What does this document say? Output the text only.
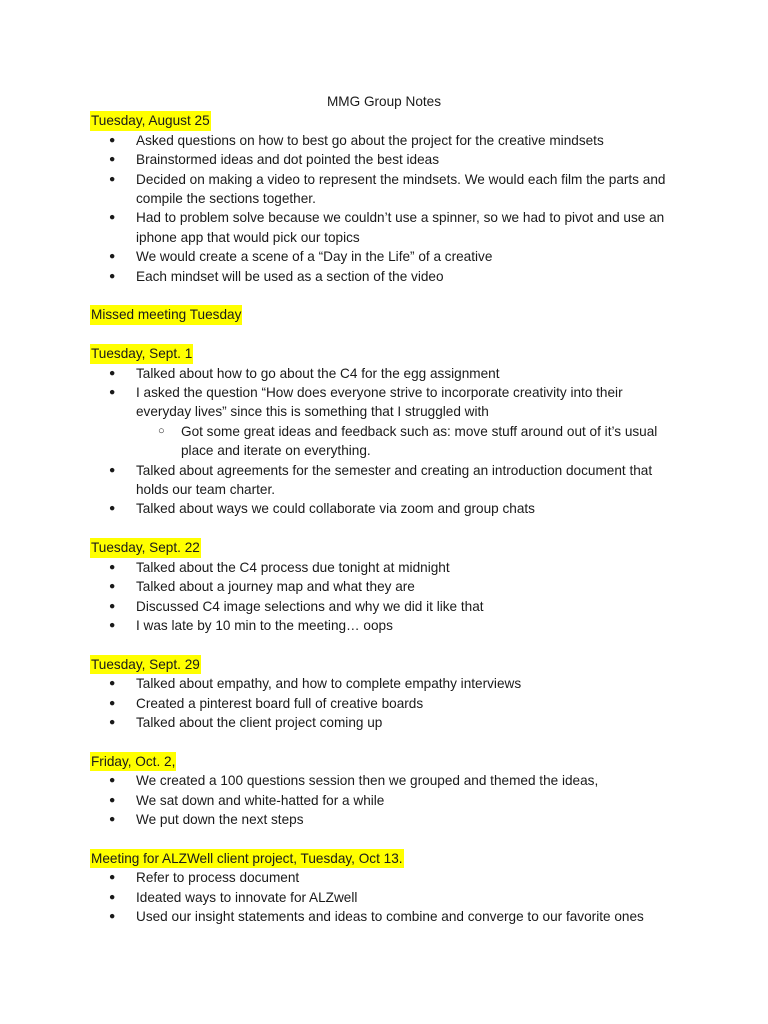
MMG Group Notes
Tuesday, August 25
● Asked questions on how to best go about the project for the creative mindsets
● Brainstormed ideas and dot pointed the best ideas
● Decided on making a video to represent the mindsets. We would each film the parts and compile the sections together.
● Had to problem solve because we couldn’t use a spinner, so we had to pivot and use an iphone app that would pick our topics
● We would create a scene of a “Day in the Life” of a creative
● Each mindset will be used as a section of the video
Missed meeting Tuesday
Tuesday, Sept. 1
● Talked about how to go about the C4 for the egg assignment
● I asked the question “How does everyone strive to incorporate creativity into their everyday lives” since this is something that I struggled with
○ Got some great ideas and feedback such as: move stuff around out of it’s usual place and iterate on everything.
● Talked about agreements for the semester and creating an introduction document that holds our team charter.
● Talked about ways we could collaborate via zoom and group chats
Tuesday, Sept. 22
● Talked about the C4 process due tonight at midnight
● Talked about a journey map and what they are
● Discussed C4 image selections and why we did it like that
● I was late by 10 min to the meeting… oops
Tuesday, Sept. 29
● Talked about empathy, and how to complete empathy interviews
● Created a pinterest board full of creative boards
● Talked about the client project coming up
Friday, Oct. 2,
● We created a 100 questions session then we grouped and themed the ideas,
● We sat down and white-hatted for a while
● We put down the next steps
Meeting for ALZWell client project, Tuesday, Oct 13.
● Refer to process document
● Ideated ways to innovate for ALZwell
● Used our insight statements and ideas to combine and converge to our favorite ones
